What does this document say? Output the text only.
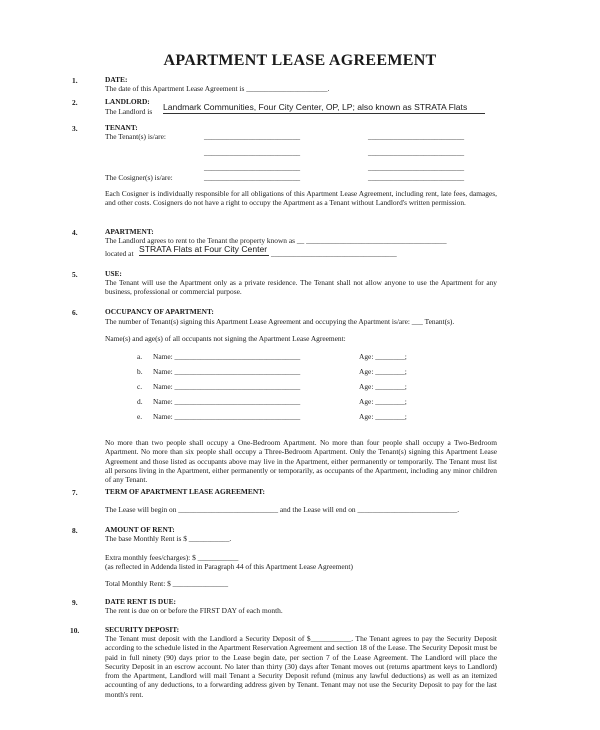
APARTMENT LEASE AGREEMENT
1.	DATE:
The date of this Apartment Lease Agreement is ______________________.
2.	LANDLORD:
The Landlord is Landmark Communities, Four City Center, OP, LP; also known as STRATA Flats
3.	TENANT:
The Tenant(s) is/are:	__________________________	__________________________
__________________________	__________________________
__________________________	__________________________
The Cosigner(s) is/are:	__________________________	__________________________
Each Cosigner is individually responsible for all obligations of this Apartment Lease Agreement, including rent, late fees, damages, and other costs. Cosigners do not have a right to occupy the Apartment as a Tenant without Landlord's written permission.
4.	APARTMENT:
The Landlord agrees to rent to the Tenant the property known as __ ______________________________________
located at STRATA Flats at Four City Center __________________________________
5.	USE:
The Tenant will use the Apartment only as a private residence. The Tenant shall not allow anyone to use the Apartment for any business, professional or commercial purpose.
6.	OCCUPANCY OF APARTMENT:
The number of Tenant(s) signing this Apartment Lease Agreement and occupying the Apartment is/are: ___ Tenant(s).
Name(s) and age(s) of all occupants not signing the Apartment Lease Agreement:
a. Name: __________________________________	Age: ________;
b. Name: __________________________________	Age: ________;
c. Name: __________________________________	Age: ________;
d. Name: __________________________________	Age: ________;
e. Name: __________________________________	Age: ________;
No more than two people shall occupy a One-Bedroom Apartment. No more than four people shall occupy a Two-Bedroom Apartment. No more than six people shall occupy a Three-Bedroom Apartment. Only the Tenant(s) signing this Apartment Lease Agreement and those listed as occupants above may live in the Apartment, either permanently or temporarily. The Tenant must list all persons living in the Apartment, either permanently or temporarily, as occupants of the Apartment, including any minor children of any Tenant.
7.	TERM OF APARTMENT LEASE AGREEMENT:
The Lease will begin on ___________________________ and the Lease will end on ___________________________.
8.	AMOUNT OF RENT:
The base Monthly Rent is $ ___________.
Extra monthly fees/charges): $ ___________
(as reflected in Addenda listed in Paragraph 44 of this Apartment Lease Agreement)
Total Monthly Rent: $ _______________
9.	DATE RENT IS DUE:
The rent is due on or before the FIRST DAY of each month.
10.	SECURITY DEPOSIT:
The Tenant must deposit with the Landlord a Security Deposit of $___________. The Tenant agrees to pay the Security Deposit according to the schedule listed in the Apartment Reservation Agreement and section 18 of the Lease. The Security Deposit must be paid in full ninety (90) days prior to the Lease begin date, per section 7 of the Lease Agreement. The Landlord will place the Security Deposit in an escrow account. No later than thirty (30) days after Tenant moves out (returns apartment keys to Landlord) from the Apartment, Landlord will mail Tenant a Security Deposit refund (minus any lawful deductions) as well as an itemized accounting of any deductions, to a forwarding address given by Tenant. Tenant may not use the Security Deposit to pay for the last month's rent.
